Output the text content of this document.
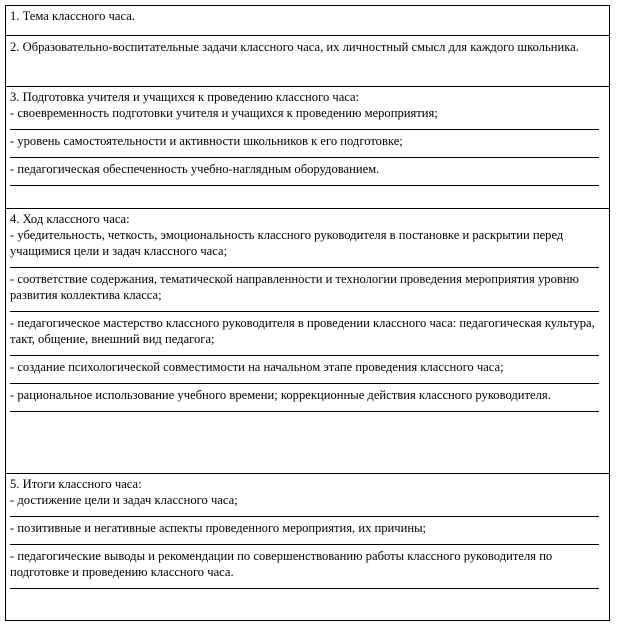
1. Тема классного часа.

2. Образовательно-воспитательные задачи классного часа, их личностный смысл для каждого школьника.

3. Подготовка учителя и учащихся к проведению классного часа:
- своевременность подготовки учителя и учащихся к проведению мероприятия;
- уровень самостоятельности и активности школьников к его подготовке;
- педагогическая обеспеченность учебно-наглядным оборудованием.

4. Ход классного часа:
- убедительность, четкость, эмоциональность классного руководителя в постановке и раскрытии перед учащимися цели и задач классного часа;
- соответствие содержания, тематической направленности и технологии проведения мероприятия уровню развития коллектива класса;
- педагогическое мастерство классного руководителя в проведении классного часа: педагогическая культура, такт, общение, внешний вид педагога;
- создание психологической совместимости на начальном этапе проведения классного часа;
- рациональное использование учебного времени; коррекционные действия классного руководителя.

5. Итоги классного часа:
- достижение цели и задач классного часа;
- позитивные и негативные аспекты проведенного мероприятия, их причины;
- педагогические выводы и рекомендации по совершенствованию работы классного руководителя по подготовке и проведению классного часа.
